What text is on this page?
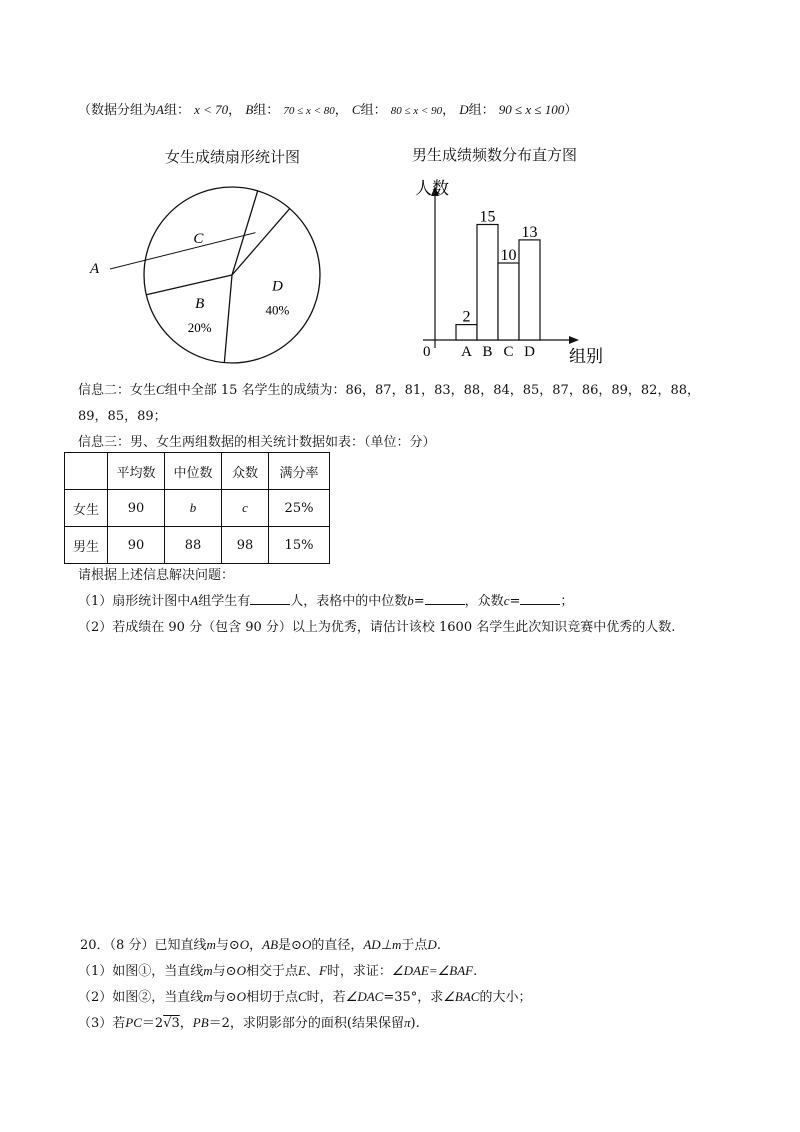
（数据分组为A组： x < 70， B组： 70 ≤ x < 80， C组： 80 ≤ x < 90， D组： 90 ≤ x ≤ 100）
女生成绩扇形统计图	男生成绩频数分布直方图
D
40%
B
20%
C
A
人数
组别
0
2
A
15
B
10
C
13
D
信息二：女生C组中全部 15 名学生的成绩为：86，87，81，83，88，84，85，87，86，89，82，88，
89，85，89；
信息三：男、女生两组数据的相关统计数据如表：（单位：分）
	平均数	中位数	众数	满分率
女生	90	b	c	25%
男生	90	88	98	15%
请根据上述信息解决问题：
（1）扇形统计图中A组学生有	人，表格中的中位数b=	，众数c=	；
（2）若成绩在 90 分（包含 90 分）以上为优秀，请估计该校 1600 名学生此次知识竞赛中优秀的人数.
20．（8 分）已知直线m与⊙O，AB是⊙O的直径，AD⊥m于点D.
（1）如图①，当直线m与⊙O相交于点E、F时，求证：∠DAE=∠BAF.
（2）如图②，当直线m与⊙O相切于点C时，若∠DAC=35°，求∠BAC的大小；
（3）若PC＝2√3，PB＝2，求阴影部分的面积(结果保留π).
